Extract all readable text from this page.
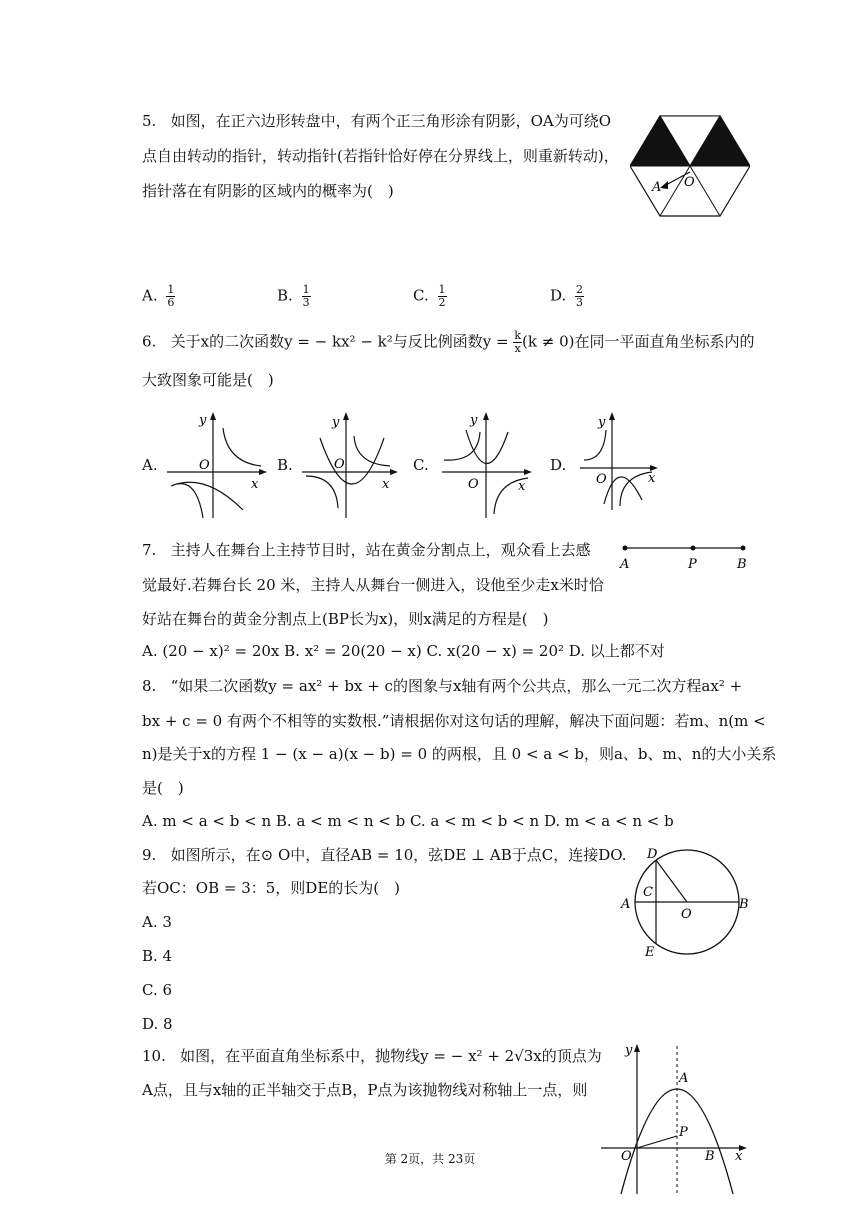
5. 如图，在正六边形转盘中，有两个正三角形涂有阴影，OA为可绕O
点自由转动的指针，转动指针(若指针恰好停在分界线上，则重新转动)，
指针落在有阴影的区域内的概率为(　)	A O
A. $\frac{1}{6}$	B. $\frac{1}{3}$	C. $\frac{1}{2}$	D. $\frac{2}{3}$
6. 关于x的二次函数y = − kx² − k²与反比例函数$y = \frac{k}{x} (k \ne 0)$在同一平面直角坐标系内的
大致图象可能是(　)
A.
y
O
x
B.
y
O
x
C.
y
O	x
D.
y
O	x
7. 主持人在舞台上主持节目时，站在黄金分割点上，观众看上去感
觉最好.若舞台长 20 米，主持人从舞台一侧进入，设他至少走x米时恰
好站在舞台的黄金分割点上(BP长为x)，则x满足的方程是(　)
A. (20 − x)² = 20x B. x² = 20(20 − x) C. x(20 − x) = 20² D. 以上都不对
A	P	B
8. “如果二次函数y = ax² + bx + c的图象与x轴有两个公共点，那么一元二次方程ax² +
bx + c = 0 有两个不相等的实数根.”请根据你对这句话的理解，解决下面问题：若m、n(m <
n)是关于x的方程 1 − (x − a)(x − b) = 0 的两根，且 0 < a < b，则a、b、m、n的大小关系
是(　)
A. m < a < b < n B. a < m < n < b C. a < m < b < n D. m < a < n < b
9. 如图所示，在⊙ O中，直径AB = 10，弦DE ⊥ AB于点C，连接DO.
若OC：OB = 3：5，则DE的长为(　)
A. 3
B. 4
C. 6
D. 8
D
C
A
O
B
E
10. 如图，在平面直角坐标系中，抛物线y = − x² + 2√3x的顶点为
A点，且与x轴的正半轴交于点B，P点为该抛物线对称轴上一点，则
y
A
P
O	B x
第 2页，共 23页
